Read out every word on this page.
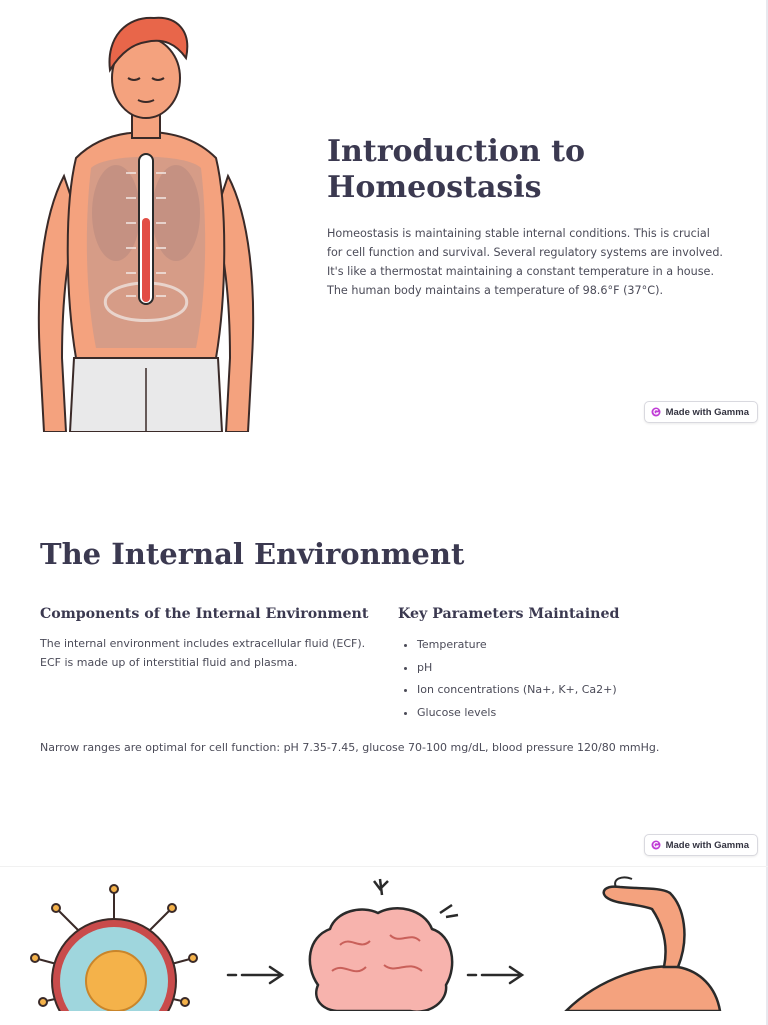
Introduction to Homeostasis

Homeostasis is maintaining stable internal conditions. This is crucial for cell function and survival. Several regulatory systems are involved. It's like a thermostat maintaining a constant temperature in a house. The human body maintains a temperature of 98.6°F (37°C).

Made with Gamma
The Internal Environment
Components of the Internal Environment

The internal environment includes extracellular fluid (ECF). ECF is made up of interstitial fluid and plasma.

Key Parameters Maintained
• Temperature
• pH
• Ion concentrations (Na+, K+, Ca2+)
• Glucose levels

Narrow ranges are optimal for cell function: pH 7.35-7.45, glucose 70-100 mg/dL, blood pressure 120/80 mmHg.

Made with Gamma
